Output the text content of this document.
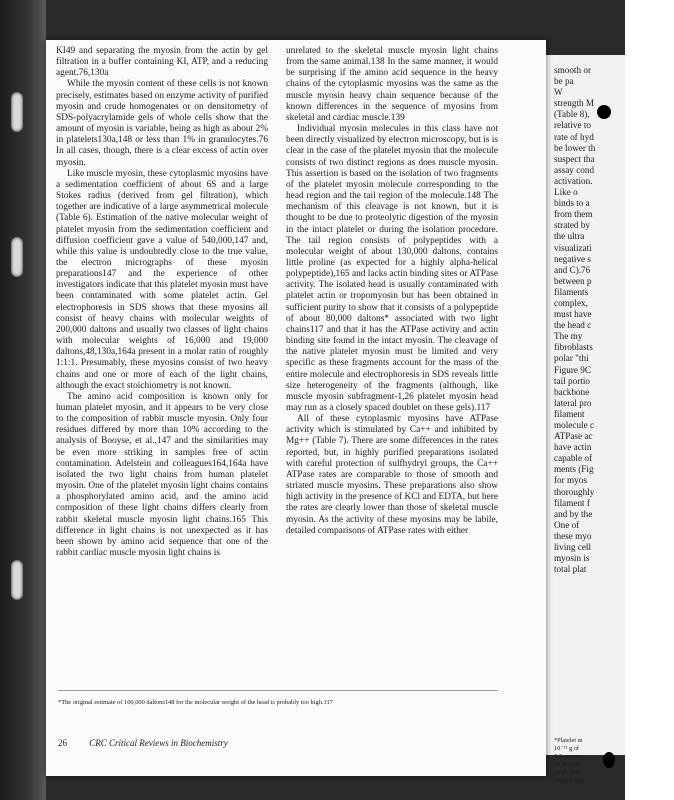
smooth or
be pa
W
strength M
(Table 8),
relative to
rate of hyd
be lower th
suspect tha
assay cond
activation.
Like o
binds to a
from them
strated by
the ultra
visualizati
negative s
and C).76
between p
filaments
complex,
must have
the head c
The my
fibroblasts
polar "thi
Figure 9C
tail portio
backbone
lateral pro
filament
molecule c
ATPase ac
have actin
capable of
ments (Fig
for myos
thoroughly
filament f
and by the
One of
these myo
living cell
myosin is
total plat
*Platelet m
10⁻¹³ g of
0.2 μm cen
32 myosin
single plate
volume and

KI49 and separating the myosin from the actin by gel filtration in a buffer containing KI, ATP, and a reducing agent.76,130a

While the myosin content of these cells is not known precisely, estimates based on enzyme activity of purified myosin and crude homogenates or on densitometry of SDS-polyacrylamide gels of whole cells show that the amount of myosin is variable, being as high as about 2% in platelets130a,148 or less than 1% in granulocytes.76 In all cases, though, there is a clear excess of actin over myosin.

Like muscle myosin, these cytoplasmic myosins have a sedimentation coefficient of about 6S and a large Stokes radius (derived from gel filtration), which together are indicative of a large asymmetrical molecule (Table 6). Estimation of the native molecular weight of platelet myosin from the sedimentation coefficient and diffusion coefficient gave a value of 540,000,147 and, while this value is undoubtedly close to the true value, the electron micrographs of these myosin preparations147 and the experience of other investigators indicate that this platelet myosin must have been contaminated with some platelet actin. Gel electrophoresis in SDS shows that these myosins all consist of heavy chains with molecular weights of 200,000 daltons and usually two classes of light chains with molecular weights of 16,000 and 19,000 daltons,48,130a,164a present in a molar ratio of roughly 1:1:1. Presumably, these myosins consist of two heavy chains and one or more of each of the light chains, although the exact stoichiometry is not known.

The amino acid composition is known only for human platelet myosin, and it appears to be very close to the composition of rabbit muscle myosin. Only four residues differed by more than 10% according to the analysis of Booyse, et al.,147 and the similarities may be even more striking in samples free of actin contamination. Adelstein and colleagues164,164a have isolated the two light chains from human platelet myosin. One of the platelet myosin light chains contains a phosphorylated amino acid, and the amino acid composition of these light chains differs clearly from rabbit skeletal muscle myosin light chains.165 This difference in light chains is not unexpected as it has been shown by amino acid sequence that one of the rabbit cardiac muscle myosin light chains is

unrelated to the skeletal muscle myosin light chains from the same animal.138 In the same manner, it would be surprising if the amino acid sequence in the heavy chains of the cytoplasmic myosins was the same as the muscle myosin heavy chain sequence because of the known differences in the sequence of myosins from skeletal and cardiac muscle.139

Individual myosin molecules in this class have not been directly visualized by electron microscopy, but is is clear in the case of the platelet myosin that the molecule consists of two distinct regions as does muscle myosin. This assertion is based on the isolation of two fragments of the platelet myosin molecule corresponding to the head region and the tail region of the molecule.148 The mechanism of this cleavage is not known, but it is thought to be due to proteolytic digestion of the myosin in the intact platelet or during the isolation procedure. The tail region consists of polypeptides with a molecular weight of about 130,000 daltons, contains little proline (as expected for a highly alpha-helical polypeptide),165 and lacks actin binding sites or ATPase activity. The isolated head is usually contaminated with platelet actin or tropomyosin but has been obtained in sufficient purity to show that it consists of a polypeptide of about 80,000 daltons* associated with two light chains117 and that it has the ATPase activity and actin binding site found in the intact myosin. The cleavage of the native platelet myosin must be limited and very specific as these fragments account for the mass of the entire molecule and electrophoresis in SDS reveals little size heterogeneity of the fragments (although, like muscle myosin subfragment-1,26 platelet myosin head may run as a closely spaced doublet on these gels).117

All of these cytoplasmic myosins have ATPase activity which is stimulated by Ca++ and inhibited by Mg++ (Table 7). There are some differences in the rates reported, but, in highly purified preparations isolated with careful protection of sulfhydryl groups, the Ca++ ATPase rates are comparable to those of smooth and striated muscle myosins. These preparations also show high activity in the presence of KCl and EDTA, but here the rates are clearly lower than those of skeletal muscle myosin. As the activity of these myosins may be labile, detailed comparisons of ATPase rates with either

*The original estimate of 100,000 daltons148 for the molecular weight of the head is probably too high.117
26 CRC Critical Reviews in Biochemistry
